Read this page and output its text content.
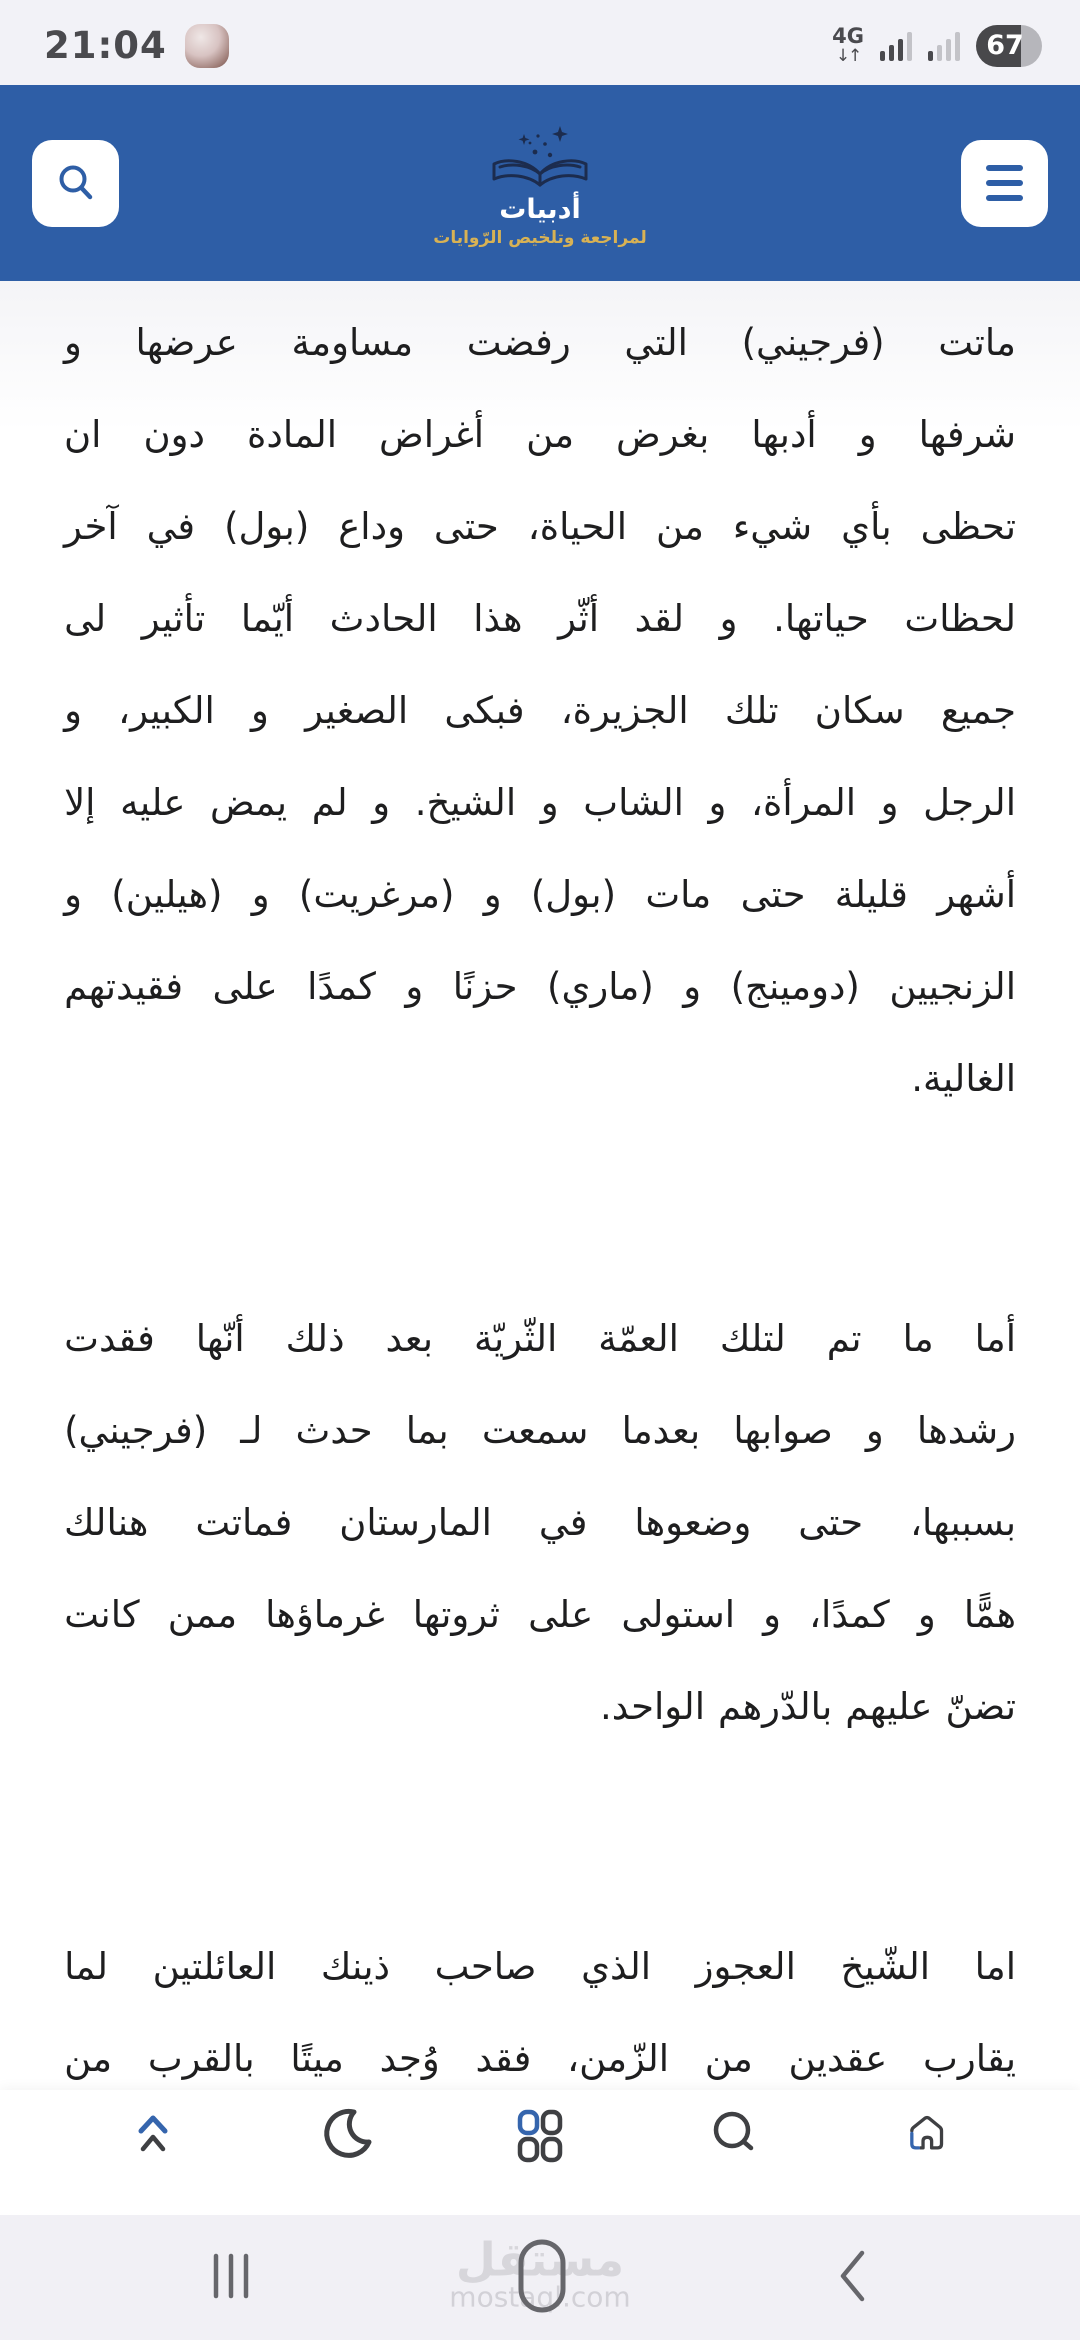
21:04	4G
↓↑	67
أدبيات
لمراجعة وتلخيص الرّوايات
ماتت
(فرجيني)
التي
رفضت
مساومة
عرضها
و
شرفها
و
أدبها
بغرض
من
أغراض
المادة
دون
ان
تحظى
بأي
شيء
من
الحياة،
حتى
وداع
(بول)
في
آخر
لحظات
حياتها.
و
لقد
أثّر
هذا
الحادث
أيّما
تأثير
لى
جميع
سكان
تلك
الجزيرة،
فبكى
الصغير
و
الكبير،
و
الرجل
و
المرأة،
و
الشاب
و
الشيخ.
و
لم
يمض
عليه
إلا
أشهر
قليلة
حتى
مات
(بول)
و
(مرغريت)
و
(هيلين)
و
الزنجيين
(دومينج)
و
(ماري)
حزنًا
و
كمدًا
على
فقيدتهم
الغالية.
أما
ما
تم
لتلك
العمّة
الثّريّة
بعد
ذلك
أنّها
فقدت
رشدها
و
صوابها
بعدما
سمعت
بما
حدث
لـ
(فرجيني)
بسببها،
حتى
وضعوها
في
المارستان
فماتت
هنالك
همًّا
و
كمدًا،
و
استولى
على
ثروتها
غرماؤها
ممن
كانت
تضنّ
عليهم
بالدّرهم
الواحد.
اما
الشّيخ
العجوز
الذي
صاحب
ذينك
العائلتين
لما
يقارب
عقدين
من
الزّمن،
فقد
وُجد
ميتًا
بالقرب
من
مستقل
mostaql.com
